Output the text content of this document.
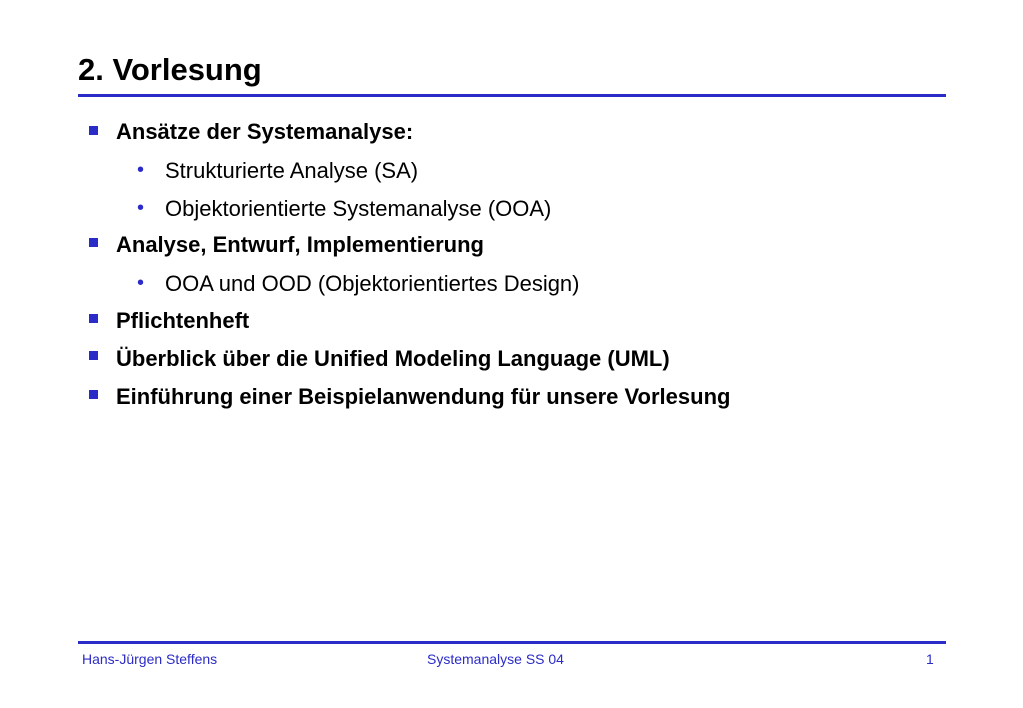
2. Vorlesung
Ansätze der Systemanalyse:
• Strukturierte Analyse (SA)
• Objektorientierte Systemanalyse (OOA)
Analyse, Entwurf, Implementierung
• OOA und OOD (Objektorientiertes Design)
Pflichtenheft
Überblick über die Unified Modeling Language (UML)
Einführung einer Beispielanwendung für unsere Vorlesung
Hans-Jürgen Steffens	Systemanalyse SS 04	1
